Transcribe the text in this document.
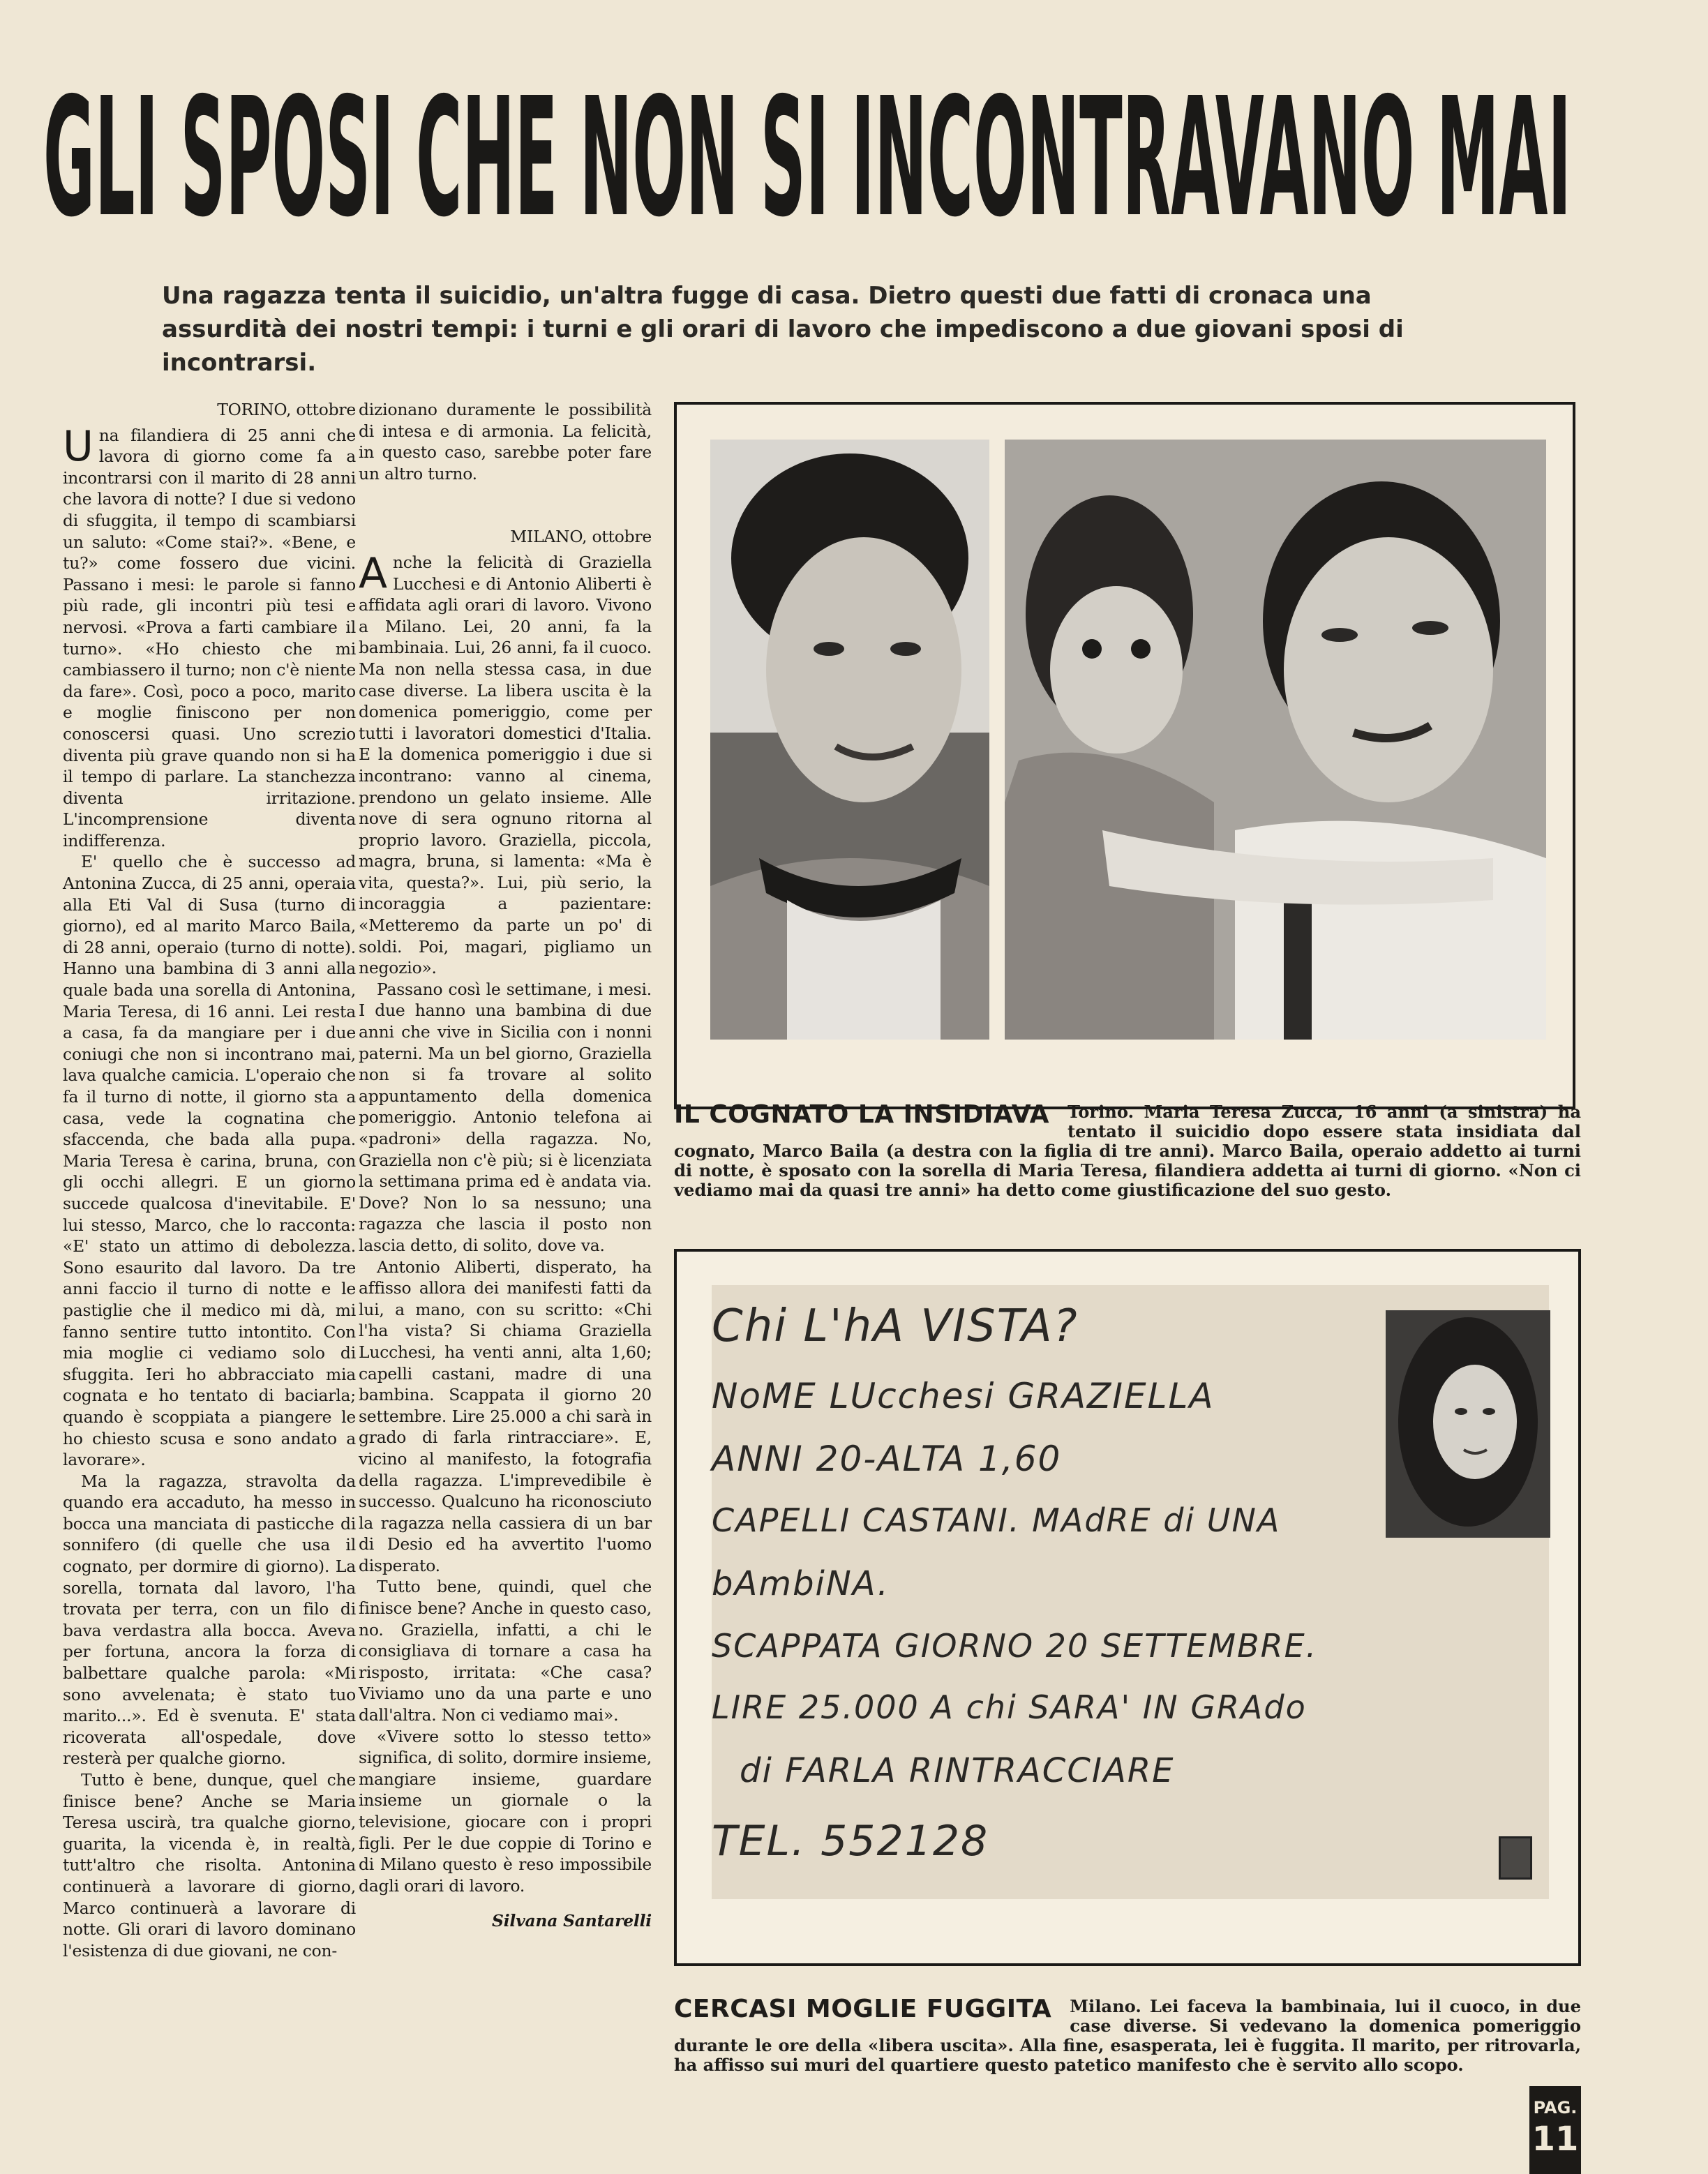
GLI SPOSI CHE NON SI INCONTRAVANO MAI
Una ragazza tenta il suicidio, un'altra fugge di casa. Dietro questi due fatti di cronaca una assurdità dei nostri tempi: i turni e gli orari di lavoro che impediscono a due giovani sposi di incontrarsi.

TORINO, ottobre

Una filandiera di 25 anni che lavora di giorno come fa a incontrarsi con il marito di 28 anni che lavora di notte? I due si vedono di sfuggita, il tempo di scambiarsi un saluto: «Come stai?». «Bene, e tu?» come fossero due vicini. Passano i mesi: le parole si fanno più rade, gli incontri più tesi e nervosi. «Prova a farti cambiare il turno». «Ho chiesto che mi cambiassero il turno; non c'è niente da fare». Così, poco a poco, marito e moglie finiscono per non conoscersi quasi. Uno screzio diventa più grave quando non si ha il tempo di parlare. La stanchezza diventa irritazione. L'incomprensione diventa indifferenza.

E' quello che è successo ad Antonina Zucca, di 25 anni, operaia alla Eti Val di Susa (turno di giorno), ed al marito Marco Baila, di 28 anni, operaio (turno di notte). Hanno una bambina di 3 anni alla quale bada una sorella di Antonina, Maria Teresa, di 16 anni. Lei resta a casa, fa da mangiare per i due coniugi che non si incontrano mai, lava qualche camicia. L'operaio che fa il turno di notte, il giorno sta a casa, vede la cognatina che sfaccenda, che bada alla pupa. Maria Teresa è carina, bruna, con gli occhi allegri. E un giorno succede qualcosa d'inevitabile. E' lui stesso, Marco, che lo racconta: «E' stato un attimo di debolezza. Sono esaurito dal lavoro. Da tre anni faccio il turno di notte e le pastiglie che il medico mi dà, mi fanno sentire tutto intontito. Con mia moglie ci vediamo solo di sfuggita. Ieri ho abbracciato mia cognata e ho tentato di baciarla; quando è scoppiata a piangere le ho chiesto scusa e sono andato a lavorare».

Ma la ragazza, stravolta da quando era accaduto, ha messo in bocca una manciata di pasticche di sonnifero (di quelle che usa il cognato, per dormire di giorno). La sorella, tornata dal lavoro, l'ha trovata per terra, con un filo di bava verdastra alla bocca. Aveva per fortuna, ancora la forza di balbettare qualche parola: «Mi sono avvelenata; è stato tuo marito...». Ed è svenuta. E' stata ricoverata all'ospedale, dove resterà per qualche giorno.

Tutto è bene, dunque, quel che finisce bene? Anche se Maria Teresa uscirà, tra qualche giorno, guarita, la vicenda è, in realtà, tutt'altro che risolta. Antonina continuerà a lavorare di giorno, Marco continuerà a lavorare di notte. Gli orari di lavoro dominano l'esistenza di due giovani, ne con-

dizionano duramente le possibilità di intesa e di armonia. La felicità, in questo caso, sarebbe poter fare un altro turno.

MILANO, ottobre

Anche la felicità di Graziella Lucchesi e di Antonio Aliberti è affidata agli orari di lavoro. Vivono a Milano. Lei, 20 anni, fa la bambinaia. Lui, 26 anni, fa il cuoco. Ma non nella stessa casa, in due case diverse. La libera uscita è la domenica pomeriggio, come per tutti i lavoratori domestici d'Italia. E la domenica pomeriggio i due si incontrano: vanno al cinema, prendono un gelato insieme. Alle nove di sera ognuno ritorna al proprio lavoro. Graziella, piccola, magra, bruna, si lamenta: «Ma è vita, questa?». Lui, più serio, la incoraggia a pazientare: «Metteremo da parte un po' di soldi. Poi, magari, pigliamo un negozio».

Passano così le settimane, i mesi. I due hanno una bambina di due anni che vive in Sicilia con i nonni paterni. Ma un bel giorno, Graziella non si fa trovare al solito appuntamento della domenica pomeriggio. Antonio telefona ai «padroni» della ragazza. No, Graziella non c'è più; si è licenziata la settimana prima ed è andata via. Dove? Non lo sa nessuno; una ragazza che lascia il posto non lascia detto, di solito, dove va.

Antonio Aliberti, disperato, ha affisso allora dei manifesti fatti da lui, a mano, con su scritto: «Chi l'ha vista? Si chiama Graziella Lucchesi, ha venti anni, alta 1,60; capelli castani, madre di una bambina. Scappata il giorno 20 settembre. Lire 25.000 a chi sarà in grado di farla rintracciare». E, vicino al manifesto, la fotografia della ragazza. L'imprevedibile è successo. Qualcuno ha riconosciuto la ragazza nella cassiera di un bar di Desio ed ha avvertito l'uomo disperato.

Tutto bene, quindi, quel che finisce bene? Anche in questo caso, no. Graziella, infatti, a chi le consigliava di tornare a casa ha risposto, irritata: «Che casa? Viviamo uno da una parte e uno dall'altra. Non ci vediamo mai».

«Vivere sotto lo stesso tetto» significa, di solito, dormire insieme, mangiare insieme, guardare insieme un giornale o la televisione, giocare con i propri figli. Per le due coppie di Torino e di Milano questo è reso impossibile dagli orari di lavoro.

Silvana Santarelli

IL COGNATO LA INSIDIAVA Torino. Maria Teresa Zucca, 16 anni (a sinistra) ha tentato il suicidio dopo essere stata insidiata dal cognato, Marco Baila (a destra con la figlia di tre anni). Marco Baila, operaio addetto ai turni di notte, è sposato con la sorella di Maria Teresa, filandiera addetta ai turni di giorno. «Non ci vediamo mai da quasi tre anni» ha detto come giustificazione del suo gesto.
Chi L'hA VISTA?
NoME LUcchesi GRAZIELLA
ANNI 20-ALTA 1,60
CAPELLI CASTANI. MAdRE di UNA
bAmbiNA.
SCAPPATA GIORNO 20 SETTEMBRE.
LIRE 25.000 A chi SARA' IN GRAdo
di FARLA RINTRACCIARE
TEL. 552128
CERCASI MOGLIE FUGGITA Milano. Lei faceva la bambinaia, lui il cuoco, in due case diverse. Si vedevano la domenica pomeriggio durante le ore della «libera uscita». Alla fine, esasperata, lei è fuggita. Il marito, per ritrovarla, ha affisso sui muri del quartiere questo patetico manifesto che è servito allo scopo.
PAG.
11
